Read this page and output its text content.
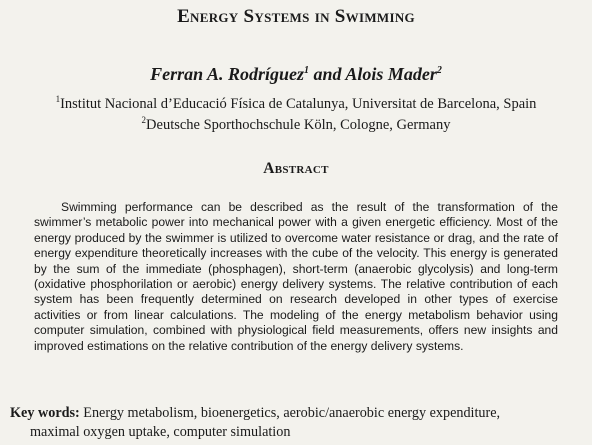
Energy Systems in Swimming
Ferran A. Rodríguez$^1$ and Alois Mader$^2$
$^1$Institut Nacional d’Educació Física de Catalunya, Universitat de Barcelona, Spain
$^2$Deutsche Sporthochschule Köln, Cologne, Germany
Abstract

Swimming performance can be described as the result of the transformation of the swimmer’s metabolic power into mechanical power with a given energetic efficiency. Most of the energy produced by the swimmer is utilized to overcome water resistance or drag, and the rate of energy expenditure theoretically increases with the cube of the velocity. This energy is generated by the sum of the immediate (phosphagen), short-term (anaerobic glycolysis) and long-term (oxidative phosphorilation or aerobic) energy delivery systems. The relative contribution of each system has been frequently determined on research developed in other types of exercise activities or from linear calculations. The modeling of the energy metabolism behavior using computer simulation, combined with physiological field measurements, offers new insights and improved estimations on the relative contribution of the energy delivery systems.

Key words: Energy metabolism, bioenergetics, aerobic/anaerobic energy expenditure,
maximal oxygen uptake, computer simulation
